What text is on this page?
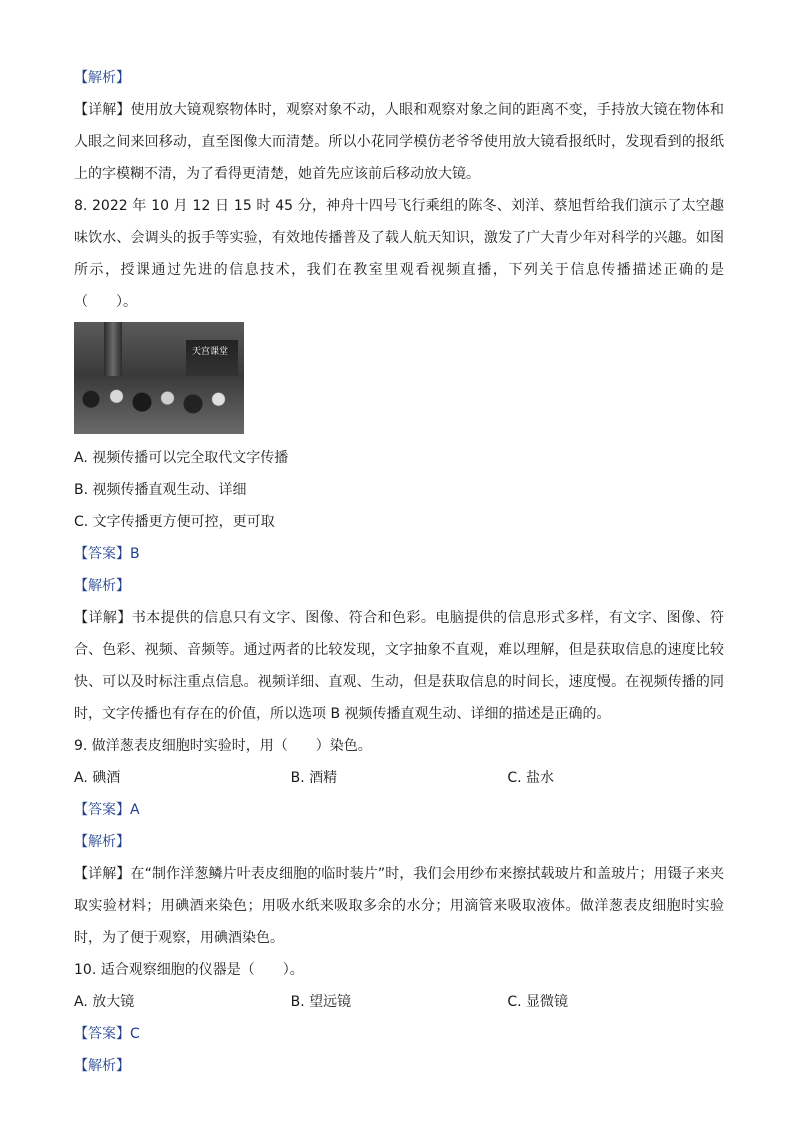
【解析】

【详解】使用放大镜观察物体时，观察对象不动，人眼和观察对象之间的距离不变，手持放大镜在物体和人眼之间来回移动，直至图像大而清楚。所以小花同学模仿老爷爷使用放大镜看报纸时，发现看到的报纸上的字模糊不清，为了看得更清楚，她首先应该前后移动放大镜。

8. 2022 年 10 月 12 日 15 时 45 分，神舟十四号飞行乘组的陈冬、刘洋、蔡旭哲给我们演示了太空趣味饮水、会调头的扳手等实验，有效地传播普及了载人航天知识，激发了广大青少年对科学的兴趣。如图所示，授课通过先进的信息技术，我们在教室里观看视频直播，下列关于信息传播描述正确的是（　　）。

天宫课堂

A. 视频传播可以完全取代文字传播

B. 视频传播直观生动、详细

C. 文字传播更方便可控，更可取

【答案】B

【解析】

【详解】书本提供的信息只有文字、图像、符合和色彩。电脑提供的信息形式多样，有文字、图像、符合、色彩、视频、音频等。通过两者的比较发现，文字抽象不直观，难以理解，但是获取信息的速度比较快、可以及时标注重点信息。视频详细、直观、生动，但是获取信息的时间长，速度慢。在视频传播的同时，文字传播也有存在的价值，所以选项 B 视频传播直观生动、详细的描述是正确的。

9. 做洋葱表皮细胞时实验时，用（　　）染色。

A. 碘酒	B. 酒精	C. 盐水

【答案】A

【解析】

【详解】在“制作洋葱鳞片叶表皮细胞的临时装片”时，我们会用纱布来擦拭载玻片和盖玻片；用镊子来夹取实验材料；用碘酒来染色；用吸水纸来吸取多余的水分；用滴管来吸取液体。做洋葱表皮细胞时实验时，为了便于观察，用碘酒染色。

10. 适合观察细胞的仪器是（　　）。

A. 放大镜	B. 望远镜	C. 显微镜

【答案】C

【解析】
